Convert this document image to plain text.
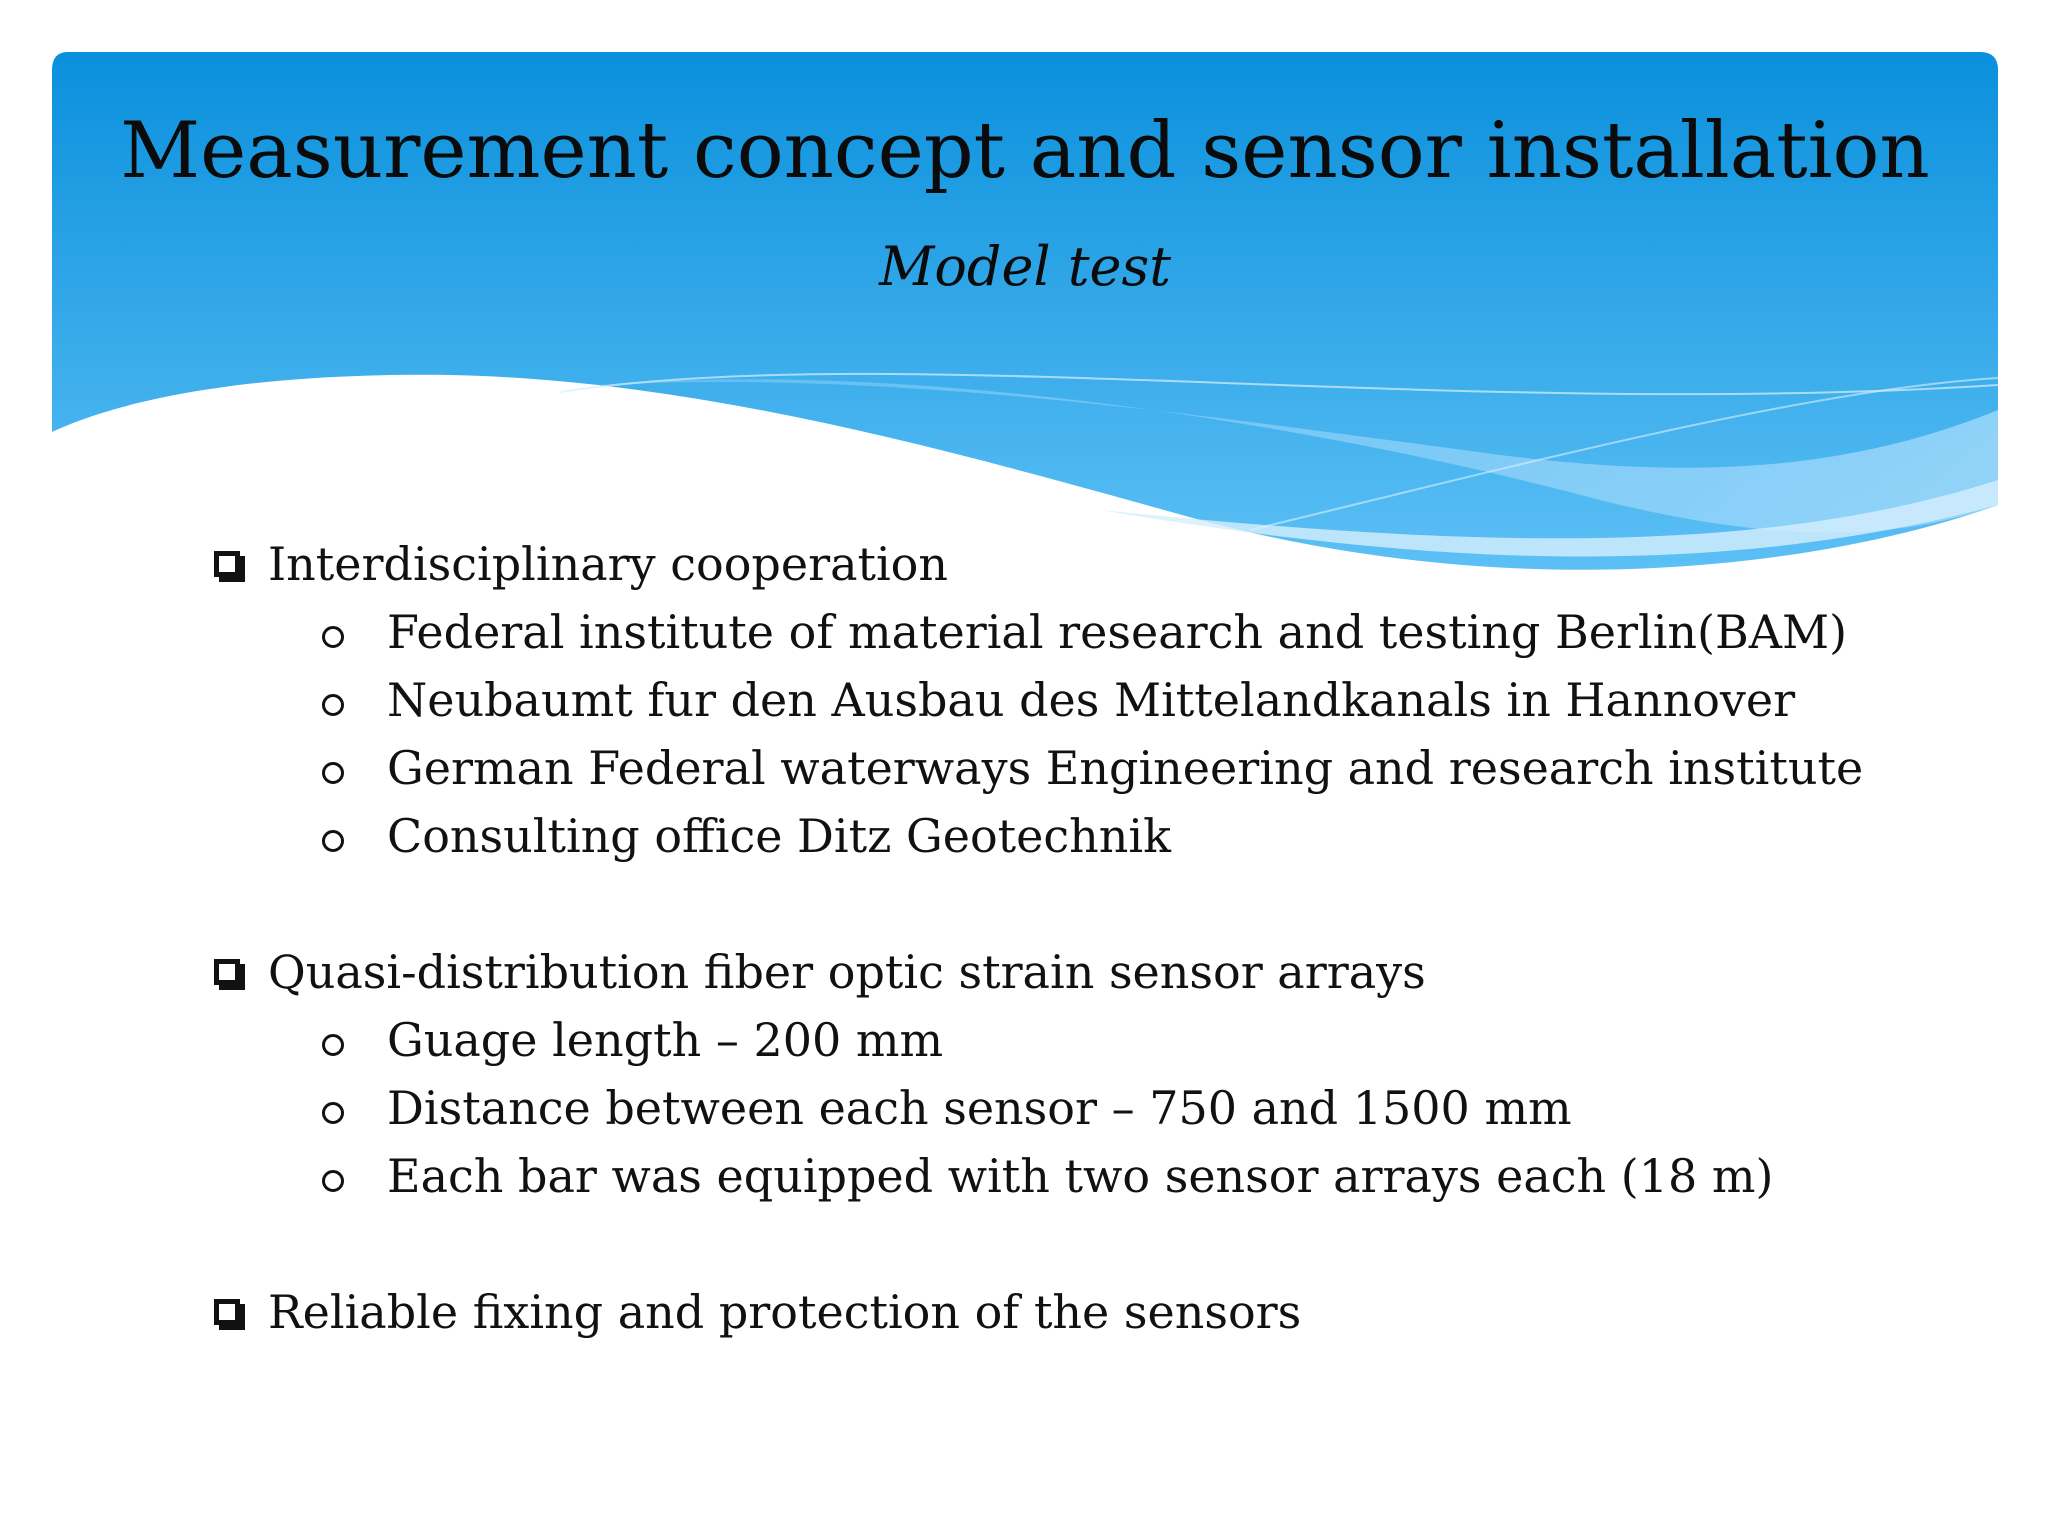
Measurement concept and sensor installation
Model test
Interdisciplinary cooperation
Federal institute of material research and testing Berlin(BAM)
Neubaumt fur den Ausbau des Mittelandkanals in Hannover
German Federal waterways Engineering and research institute
Consulting office Ditz Geotechnik
Quasi-distribution fiber optic strain sensor arrays
Guage length – 200 mm
Distance between each sensor – 750 and 1500 mm
Each bar was equipped with two sensor arrays each (18 m)
Reliable fixing and protection of the sensors
